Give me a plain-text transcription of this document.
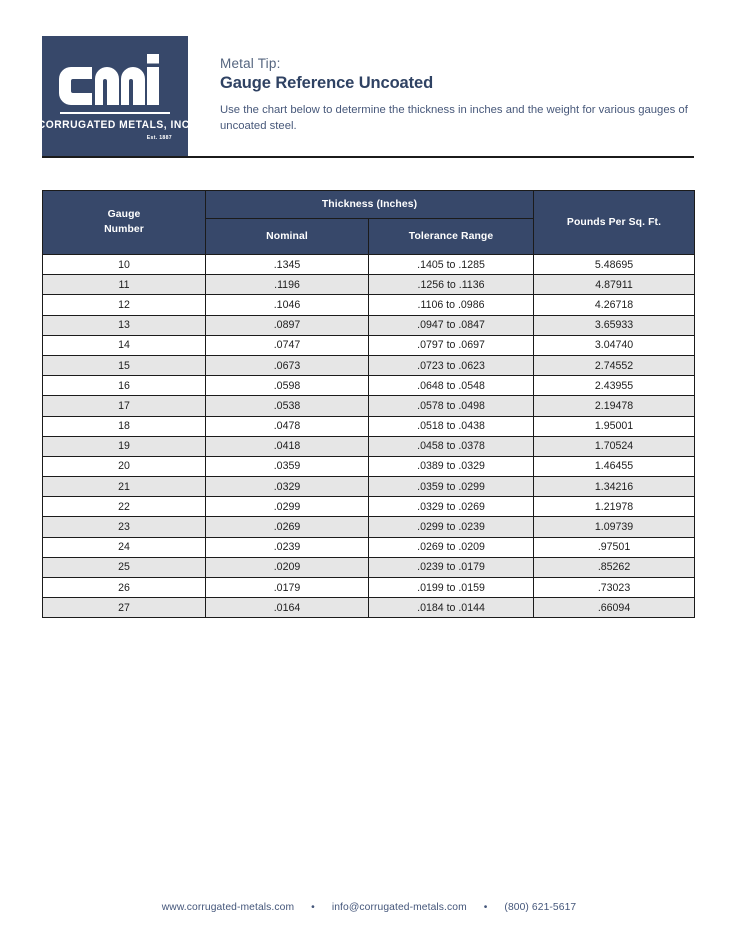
CORRUGATED METALS, INC.
Est. 1887
Metal Tip:
Gauge Reference Uncoated
Use the chart below to determine the thickness in inches and the weight for various gauges of uncoated steel.
Gauge
Number	Thickness (Inches)		Pounds Per Sq. Ft.
	Nominal	Tolerance Range	
10	.1345	.1405 to .1285	5.48695
11	.1196	.1256 to .1136	4.87911
12	.1046	.1106 to .0986	4.26718
13	.0897	.0947 to .0847	3.65933
14	.0747	.0797 to .0697	3.04740
15	.0673	.0723 to .0623	2.74552
16	.0598	.0648 to .0548	2.43955
17	.0538	.0578 to .0498	2.19478
18	.0478	.0518 to .0438	1.95001
19	.0418	.0458 to .0378	1.70524
20	.0359	.0389 to .0329	1.46455
21	.0329	.0359 to .0299	1.34216
22	.0299	.0329 to .0269	1.21978
23	.0269	.0299 to .0239	1.09739
24	.0239	.0269 to .0209	.97501
25	.0209	.0239 to .0179	.85262
26	.0179	.0199 to .0159	.73023
27	.0164	.0184 to .0144	.66094
www.corrugated-metals.com • info@corrugated-metals.com • (800) 621-5617
